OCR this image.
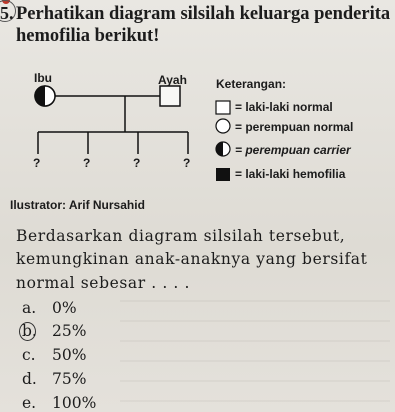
5. Perhatikan diagram silsilah keluarga penderita
hemofilia berikut!
Ibu	Ayah
?	?	?	?
Keterangan:
= laki-laki normal
= perempuan normal
= perempuan carrier
= laki-laki hemofilia
Ilustrator: Arif Nursahid
Berdasarkan diagram silsilah tersebut,
kemungkinan anak-anaknya yang bersifat
normal sebesar . . . .
a. 0%
b. 25%
c. 50%
d. 75%
e. 100%
